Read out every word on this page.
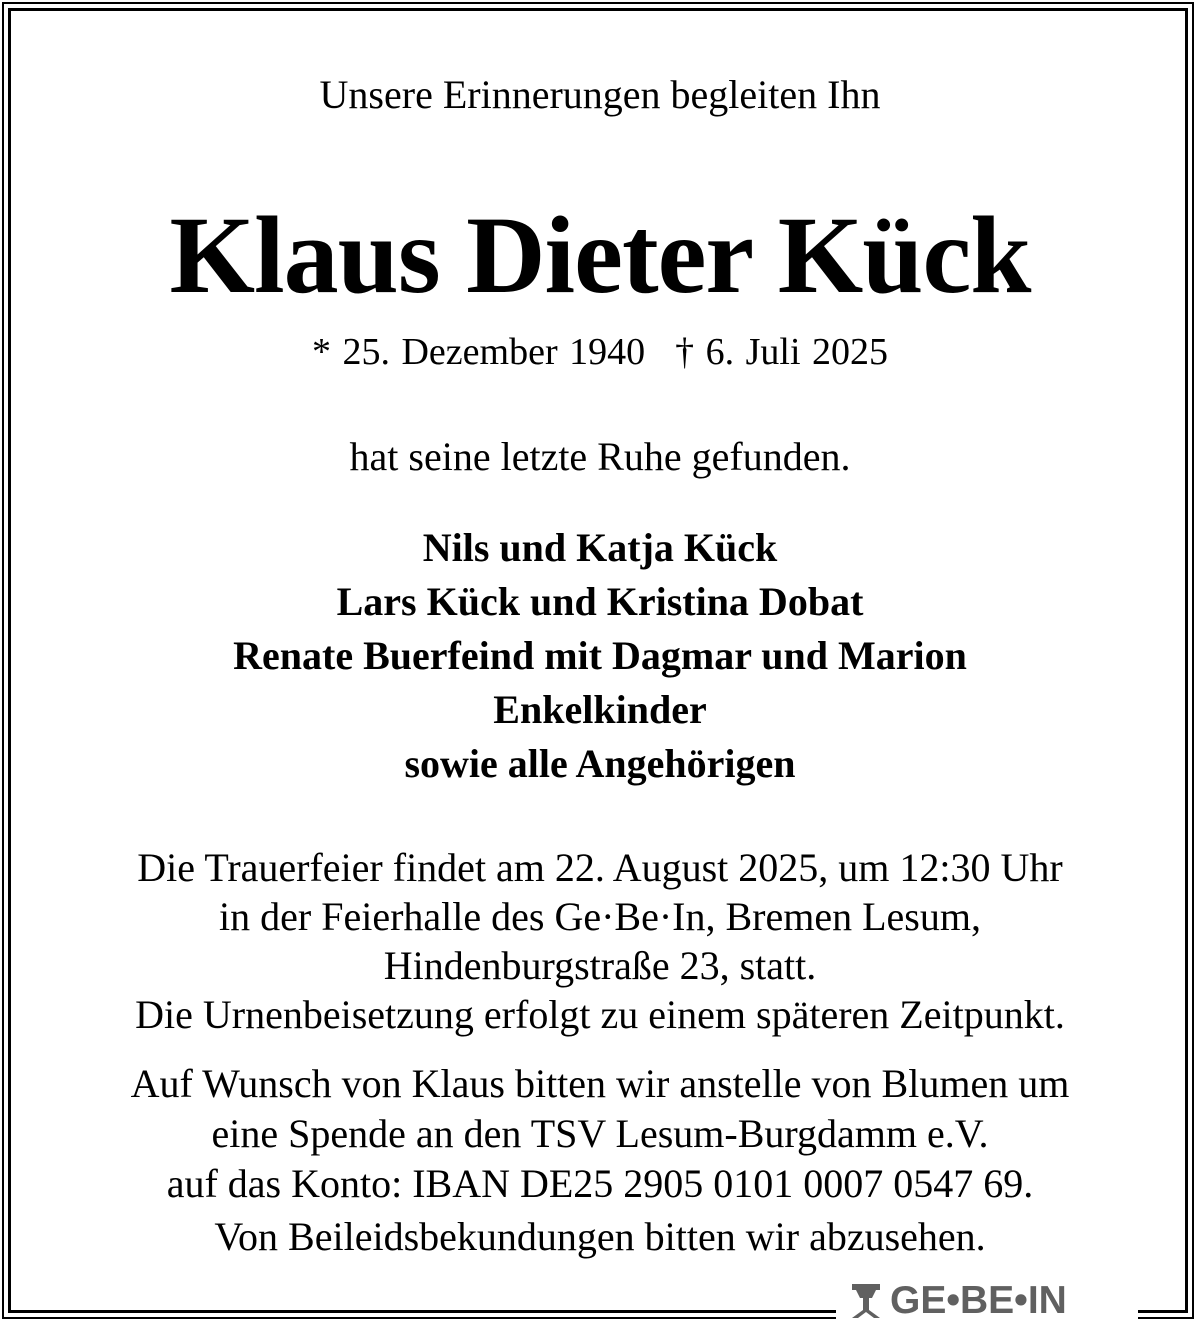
Unsere Erinnerungen begleiten Ihn
Klaus Dieter Kück
* 25. Dezember 1940 † 6. Juli 2025
hat seine letzte Ruhe gefunden.
Nils und Katja Kück
Lars Kück und Kristina Dobat
Renate Buerfeind mit Dagmar und Marion
Enkelkinder
sowie alle Angehörigen
Die Trauerfeier findet am 22. August 2025, um 12:30 Uhr
in der Feierhalle des Ge·Be·In, Bremen Lesum,
Hindenburgstraße 23, statt.
Die Urnenbeisetzung erfolgt zu einem späteren Zeitpunkt.
Auf Wunsch von Klaus bitten wir anstelle von Blumen um
eine Spende an den TSV Lesum-Burgdamm e.V.
auf das Konto: IBAN DE25 2905 0101 0007 0547 69.
Von Beileidsbekundungen bitten wir abzusehen.
GE•BE•IN
